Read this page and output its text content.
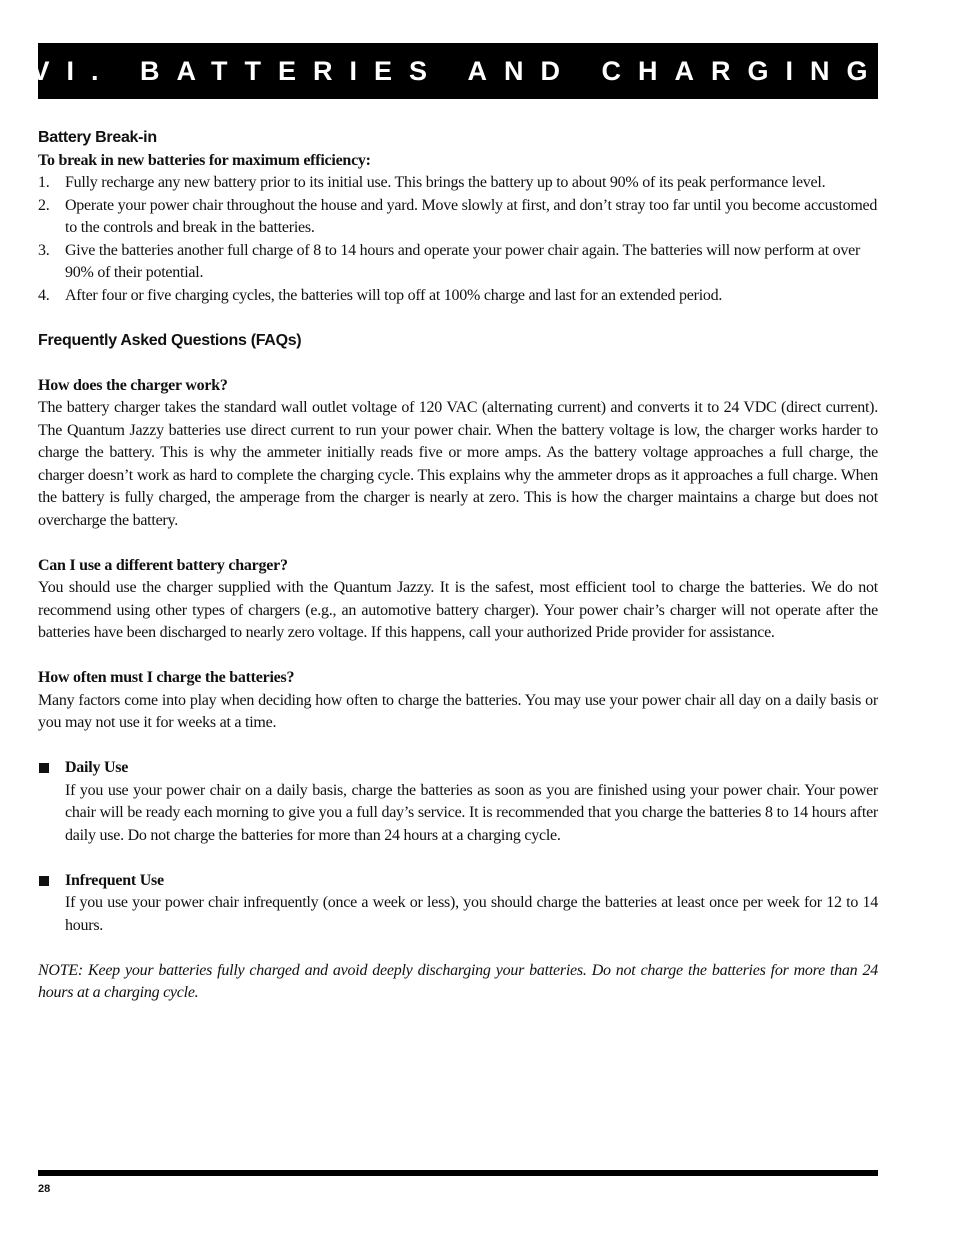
VI. BATTERIES AND CHARGING
Battery Break-in
To break in new batteries for maximum efficiency:
1. Fully recharge any new battery prior to its initial use. This brings the battery up to about 90% of its peak performance level.
2. Operate your power chair throughout the house and yard. Move slowly at first, and don’t stray too far until you become accustomed to the controls and break in the batteries.
3. Give the batteries another full charge of 8 to 14 hours and operate your power chair again. The batteries will now perform at over 90% of their potential.
4. After four or five charging cycles, the batteries will top off at 100% charge and last for an extended period.
Frequently Asked Questions (FAQs)
How does the charger work?

The battery charger takes the standard wall outlet voltage of 120 VAC (alternating current) and converts it to 24 VDC (direct current). The Quantum Jazzy batteries use direct current to run your power chair. When the battery voltage is low, the charger works harder to charge the battery. This is why the ammeter initially reads five or more amps. As the battery voltage approaches a full charge, the charger doesn’t work as hard to complete the charging cycle. This explains why the ammeter drops as it approaches a full charge. When the battery is fully charged, the amperage from the charger is nearly at zero. This is how the charger maintains a charge but does not overcharge the battery.

Can I use a different battery charger?

You should use the charger supplied with the Quantum Jazzy. It is the safest, most efficient tool to charge the batteries. We do not recommend using other types of chargers (e.g., an automotive battery charger). Your power chair’s charger will not operate after the batteries have been discharged to nearly zero voltage. If this happens, call your authorized Pride provider for assistance.

How often must I charge the batteries?

Many factors come into play when deciding how often to charge the batteries. You may use your power chair all day on a daily basis or you may not use it for weeks at a time.

Daily Use

If you use your power chair on a daily basis, charge the batteries as soon as you are finished using your power chair. Your power chair will be ready each morning to give you a full day’s service. It is recommended that you charge the batteries 8 to 14 hours after daily use. Do not charge the batteries for more than 24 hours at a charging cycle.

Infrequent Use

If you use your power chair infrequently (once a week or less), you should charge the batteries at least once per week for 12 to 14 hours.

NOTE: Keep your batteries fully charged and avoid deeply discharging your batteries. Do not charge the batteries for more than 24 hours at a charging cycle.

28
